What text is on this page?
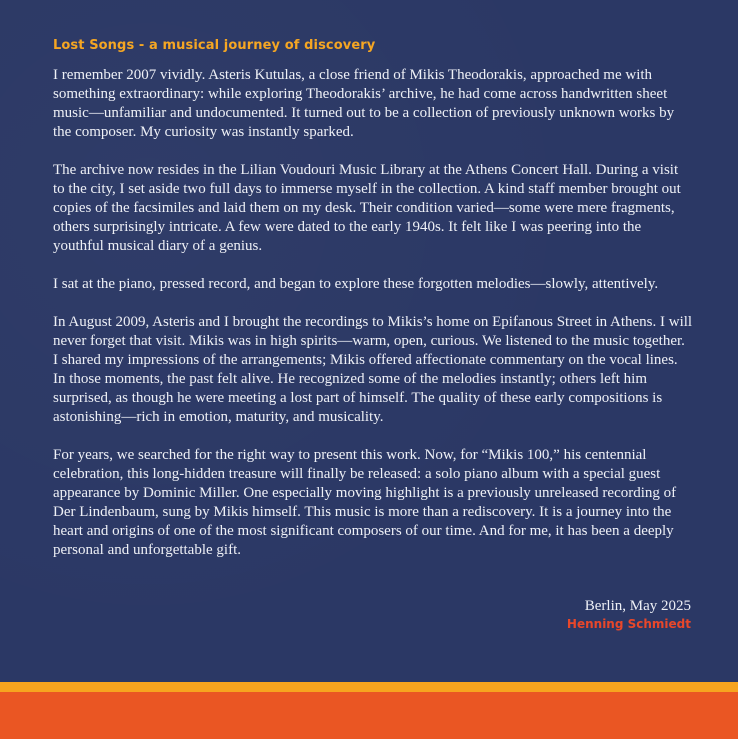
Lost Songs - a musical journey of discovery

I remember 2007 vividly. Asteris Kutulas, a close friend of Mikis Theodorakis, approached me with something extraordinary: while exploring Theodorakis’ archive, he had come across handwritten sheet music—unfamiliar and undocumented. It turned out to be a collection of previously unknown works by the composer. My curiosity was instantly sparked.

The archive now resides in the Lilian Voudouri Music Library at the Athens Concert Hall. During a visit to the city, I set aside two full days to immerse myself in the collection. A kind staff member brought out copies of the facsimiles and laid them on my desk. Their condition varied—some were mere fragments, others surprisingly intricate. A few were dated to the early 1940s. It felt like I was peering into the youthful musical diary of a genius.

I sat at the piano, pressed record, and began to explore these forgotten melodies—slowly, attentively.

In August 2009, Asteris and I brought the recordings to Mikis’s home on Epifanous Street in Athens. I will never forget that visit. Mikis was in high spirits—warm, open, curious. We listened to the music together. I shared my impressions of the arrangements; Mikis offered affectionate commentary on the vocal lines. In those moments, the past felt alive. He recognized some of the melodies instantly; others left him surprised, as though he were meeting a lost part of himself. The quality of these early compositions is astonishing—rich in emotion, maturity, and musicality.

For years, we searched for the right way to present this work. Now, for “Mikis 100,” his centennial celebration, this long-hidden treasure will finally be released: a solo piano album with a special guest appearance by Dominic Miller. One especially moving highlight is a previously unreleased recording of Der Lindenbaum, sung by Mikis himself. This music is more than a rediscovery. It is a journey into the heart and origins of one of the most significant composers of our time. And for me, it has been a deeply personal and unforgettable gift.

Berlin, May 2025
Henning Schmiedt
